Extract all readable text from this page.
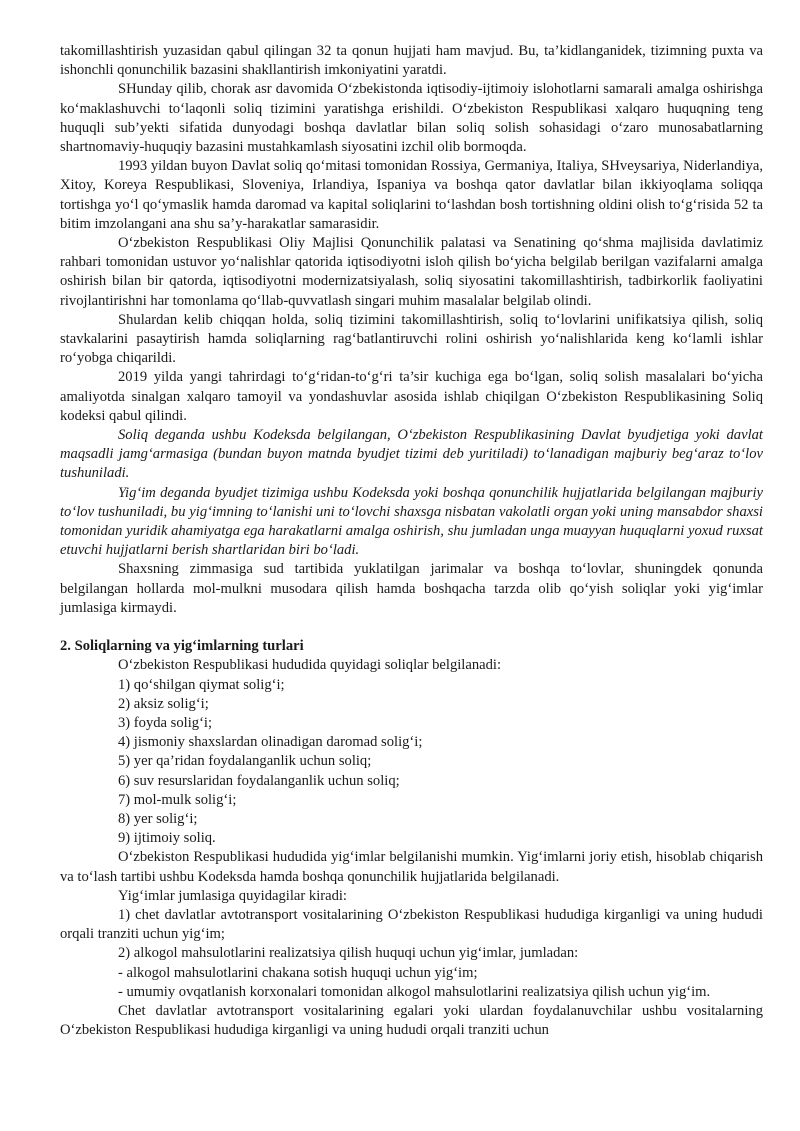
takomillashtirish yuzasidan qabul qilingan 32 ta qonun hujjati ham mavjud. Bu, ta’kidlanganidek, tizimning puxta va ishonchli qonunchilik bazasini shakllantirish imkoniyatini yaratdi.

SHunday qilib, chorak asr davomida O‘zbekistonda iqtisodiy-ijtimoiy islohotlarni samarali amalga oshirishga ko‘maklashuvchi to‘laqonli soliq tizimini yaratishga erishildi. O‘zbekiston Respublikasi xalqaro huquqning teng huquqli sub’yekti sifatida dunyodagi boshqa davlatlar bilan soliq solish sohasidagi o‘zaro munosabatlarning shartnomaviy-huquqiy bazasini mustahkamlash siyosatini izchil olib bormoqda.

1993 yildan buyon Davlat soliq qo‘mitasi tomonidan Rossiya, Germaniya, Italiya, SHveysariya, Niderlandiya, Xitoy, Koreya Respublikasi, Sloveniya, Irlandiya, Ispaniya va boshqa qator davlatlar bilan ikkiyoqlama soliqqa tortishga yo‘l qo‘ymaslik hamda daromad va kapital soliqlarini to‘lashdan bosh tortishning oldini olish to‘g‘risida 52 ta bitim imzolangani ana shu sa’y-harakatlar samarasidir.

O‘zbekiston Respublikasi Oliy Majlisi Qonunchilik palatasi va Senatining qo‘shma majlisida davlatimiz rahbari tomonidan ustuvor yo‘nalishlar qatorida iqtisodiyotni isloh qilish bo‘yicha belgilab berilgan vazifalarni amalga oshirish bilan bir qatorda, iqtisodiyotni modernizatsiyalash, soliq siyosatini takomillashtirish, tadbirkorlik faoliyatini rivojlantirishni har tomonlama qo‘llab-quvvatlash singari muhim masalalar belgilab olindi.

Shulardan kelib chiqqan holda, soliq tizimini takomillashtirish, soliq to‘lovlarini unifikatsiya qilish, soliq stavkalarini pasaytirish hamda soliqlarning rag‘batlantiruvchi rolini oshirish yo‘nalishlarida keng ko‘lamli ishlar ro‘yobga chiqarildi.

2019 yilda yangi tahrirdagi to‘g‘ridan-to‘g‘ri ta’sir kuchiga ega bo‘lgan, soliq solish masalalari bo‘yicha amaliyotda sinalgan xalqaro tamoyil va yondashuvlar asosida ishlab chiqilgan O‘zbekiston Respublikasining Soliq kodeksi qabul qilindi.

Soliq deganda ushbu Kodeksda belgilangan, O‘zbekiston Respublikasining Davlat byudjetiga yoki davlat maqsadli jamg‘armasiga (bundan buyon matnda byudjet tizimi deb yuritiladi) to‘lanadigan majburiy beg‘araz to‘lov tushuniladi.

Yig‘im deganda byudjet tizimiga ushbu Kodeksda yoki boshqa qonunchilik hujjatlarida belgilangan majburiy to‘lov tushuniladi, bu yig‘imning to‘lanishi uni to‘lovchi shaxsga nisbatan vakolatli organ yoki uning mansabdor shaxsi tomonidan yuridik ahamiyatga ega harakatlarni amalga oshirish, shu jumladan unga muayyan huquqlarni yoxud ruxsat etuvchi hujjatlarni berish shartlaridan biri bo‘ladi.

Shaxsning zimmasiga sud tartibida yuklatilgan jarimalar va boshqa to‘lovlar, shuningdek qonunda belgilangan hollarda mol-mulkni musodara qilish hamda boshqacha tarzda olib qo‘yish soliqlar yoki yig‘imlar jumlasiga kirmaydi.

2. Soliqlarning va yig‘imlarning turlari

O‘zbekiston Respublikasi hududida quyidagi soliqlar belgilanadi:

1) qo‘shilgan qiymat solig‘i;

2) aksiz solig‘i;

3) foyda solig‘i;

4) jismoniy shaxslardan olinadigan daromad solig‘i;

5) yer qa’ridan foydalanganlik uchun soliq;

6) suv resurslaridan foydalanganlik uchun soliq;

7) mol-mulk solig‘i;

8) yer solig‘i;

9) ijtimoiy soliq.

O‘zbekiston Respublikasi hududida yig‘imlar belgilanishi mumkin. Yig‘imlarni joriy etish, hisoblab chiqarish va to‘lash tartibi ushbu Kodeksda hamda boshqa qonunchilik hujjatlarida belgilanadi.

Yig‘imlar jumlasiga quyidagilar kiradi:

1) chet davlatlar avtotransport vositalarining O‘zbekiston Respublikasi hududiga kirganligi va uning hududi orqali tranziti uchun yig‘im;

2) alkogol mahsulotlarini realizatsiya qilish huquqi uchun yig‘imlar, jumladan:

- alkogol mahsulotlarini chakana sotish huquqi uchun yig‘im;

- umumiy ovqatlanish korxonalari tomonidan alkogol mahsulotlarini realizatsiya qilish uchun yig‘im.

Chet davlatlar avtotransport vositalarining egalari yoki ulardan foydalanuvchilar ushbu vositalarning O‘zbekiston Respublikasi hududiga kirganligi va uning hududi orqali tranziti uchun
